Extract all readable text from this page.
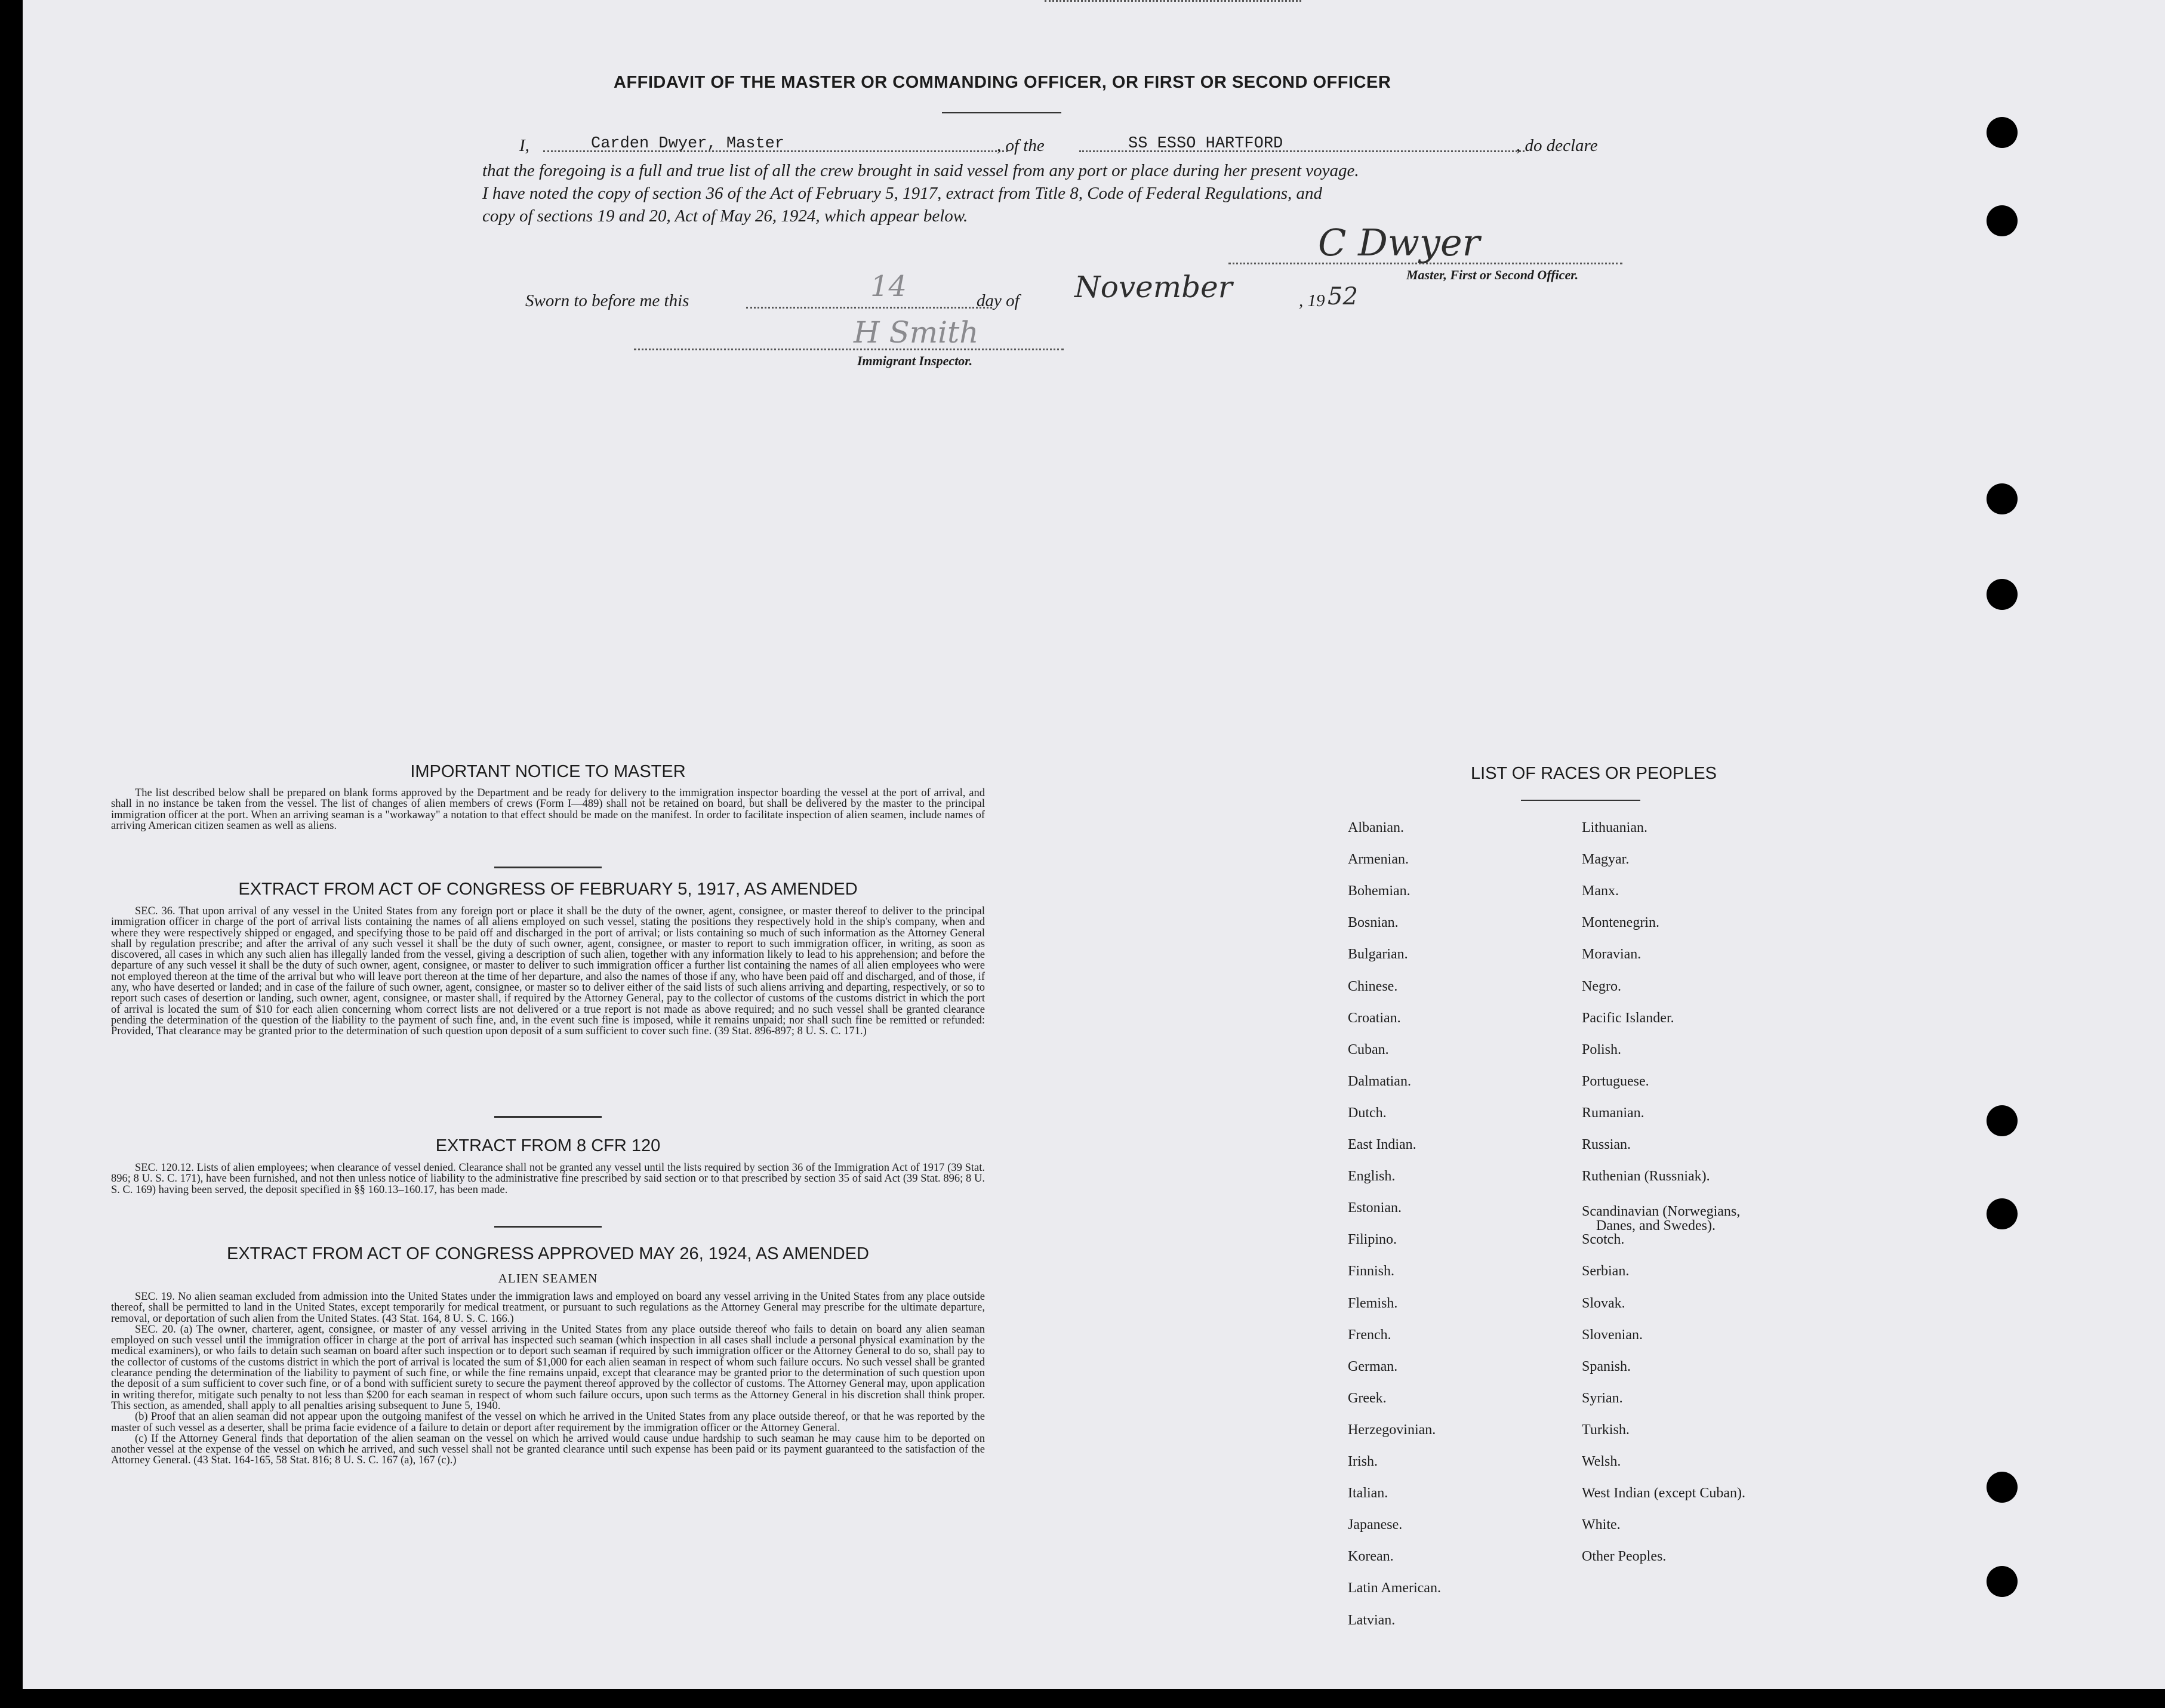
AFFIDAVIT OF THE MASTER OR COMMANDING OFFICER, OR FIRST OR SECOND OFFICER
I,	Carden Dwyer, Master	, of the	SS ESSO HARTFORD	, do declare
that the foregoing is a full and true list of all the crew brought in said vessel from any port or place during her present voyage.
I have noted the copy of section 36 of the Act of February 5, 1917, extract from Title 8, Code of Federal Regulations, and
copy of sections 19 and 20, Act of May 26, 1924, which appear below.
C Dwyer
Master, First or Second Officer.
Sworn to before me this	14	day of November	, 19 52
H Smith
Immigrant Inspector.
IMPORTANT NOTICE TO MASTER

The list described below shall be prepared on blank forms approved by the Department and be ready for delivery to the immigration inspector boarding the vessel at the port of arrival, and shall in no instance be taken from the vessel. The list of changes of alien members of crews (Form I—489) shall not be retained on board, but shall be delivered by the master to the principal immigration officer at the port. When an arriving seaman is a "workaway" a notation to that effect should be made on the manifest. In order to facilitate inspection of alien seamen, include names of arriving American citizen seamen as well as aliens.

EXTRACT FROM ACT OF CONGRESS OF FEBRUARY 5, 1917, AS AMENDED

SEC. 36. That upon arrival of any vessel in the United States from any foreign port or place it shall be the duty of the owner, agent, consignee, or master thereof to deliver to the principal immigration officer in charge of the port of arrival lists containing the names of all aliens employed on such vessel, stating the positions they respectively hold in the ship's company, when and where they were respectively shipped or engaged, and specifying those to be paid off and discharged in the port of arrival; or lists containing so much of such information as the Attorney General shall by regulation prescribe; and after the arrival of any such vessel it shall be the duty of such owner, agent, consignee, or master to report to such immigration officer, in writing, as soon as discovered, all cases in which any such alien has illegally landed from the vessel, giving a description of such alien, together with any information likely to lead to his apprehension; and before the departure of any such vessel it shall be the duty of such owner, agent, consignee, or master to deliver to such immigration officer a further list containing the names of all alien employees who were not employed thereon at the time of the arrival but who will leave port thereon at the time of her departure, and also the names of those if any, who have been paid off and discharged, and of those, if any, who have deserted or landed; and in case of the failure of such owner, agent, consignee, or master so to deliver either of the said lists of such aliens arriving and departing, respectively, or so to report such cases of desertion or landing, such owner, agent, consignee, or master shall, if required by the Attorney General, pay to the collector of customs of the customs district in which the port of arrival is located the sum of $10 for each alien concerning whom correct lists are not delivered or a true report is not made as above required; and no such vessel shall be granted clearance pending the determination of the question of the liability to the payment of such fine, and, in the event such fine is imposed, while it remains unpaid; nor shall such fine be remitted or refunded: Provided, That clearance may be granted prior to the determination of such question upon deposit of a sum sufficient to cover such fine. (39 Stat. 896-897; 8 U. S. C. 171.)

EXTRACT FROM 8 CFR 120

SEC. 120.12. Lists of alien employees; when clearance of vessel denied. Clearance shall not be granted any vessel until the lists required by section 36 of the Immigration Act of 1917 (39 Stat. 896; 8 U. S. C. 171), have been furnished, and not then unless notice of liability to the administrative fine prescribed by said section or to that prescribed by section 35 of said Act (39 Stat. 896; 8 U. S. C. 169) having been served, the deposit specified in §§ 160.13–160.17, has been made.

EXTRACT FROM ACT OF CONGRESS APPROVED MAY 26, 1924, AS AMENDED
ALIEN SEAMEN

SEC. 19. No alien seaman excluded from admission into the United States under the immigration laws and employed on board any vessel arriving in the United States from any place outside thereof, shall be permitted to land in the United States, except temporarily for medical treatment, or pursuant to such regulations as the Attorney General may prescribe for the ultimate departure, removal, or deportation of such alien from the United States. (43 Stat. 164, 8 U. S. C. 166.)

SEC. 20. (a) The owner, charterer, agent, consignee, or master of any vessel arriving in the United States from any place outside thereof who fails to detain on board any alien seaman employed on such vessel until the immigration officer in charge at the port of arrival has inspected such seaman (which inspection in all cases shall include a personal physical examination by the medical examiners), or who fails to detain such seaman on board after such inspection or to deport such seaman if required by such immigration officer or the Attorney General to do so, shall pay to the collector of customs of the customs district in which the port of arrival is located the sum of $1,000 for each alien seaman in respect of whom such failure occurs. No such vessel shall be granted clearance pending the determination of the liability to payment of such fine, or while the fine remains unpaid, except that clearance may be granted prior to the determination of such question upon the deposit of a sum sufficient to cover such fine, or of a bond with sufficient surety to secure the payment thereof approved by the collector of customs. The Attorney General may, upon application in writing therefor, mitigate such penalty to not less than $200 for each seaman in respect of whom such failure occurs, upon such terms as the Attorney General in his discretion shall think proper. This section, as amended, shall apply to all penalties arising subsequent to June 5, 1940.

(b) Proof that an alien seaman did not appear upon the outgoing manifest of the vessel on which he arrived in the United States from any place outside thereof, or that he was reported by the master of such vessel as a deserter, shall be prima facie evidence of a failure to detain or deport after requirement by the immigration officer or the Attorney General.

(c) If the Attorney General finds that deportation of the alien seaman on the vessel on which he arrived would cause undue hardship to such seaman he may cause him to be deported on another vessel at the expense of the vessel on which he arrived, and such vessel shall not be granted clearance until such expense has been paid or its payment guaranteed to the satisfaction of the Attorney General. (43 Stat. 164-165, 58 Stat. 816; 8 U. S. C. 167 (a), 167 (c).)

LIST OF RACES OR PEOPLES
Albanian.
Armenian.
Bohemian.
Bosnian.
Bulgarian.
Chinese.
Croatian.
Cuban.
Dalmatian.
Dutch.
East Indian.
English.
Estonian.
Filipino.
Finnish.
Flemish.
French.
German.
Greek.
Herzegovinian.
Irish.
Italian.
Japanese.
Korean.
Latin American.
Latvian.
Lithuanian.
Magyar.
Manx.
Montenegrin.
Moravian.
Negro.
Pacific Islander.
Polish.
Portuguese.
Rumanian.
Russian.
Ruthenian (Russniak).
Scandinavian (Norwegians,
Danes, and Swedes).
Scotch.
Serbian.
Slovak.
Slovenian.
Spanish.
Syrian.
Turkish.
Welsh.
West Indian (except Cuban).
White.
Other Peoples.
